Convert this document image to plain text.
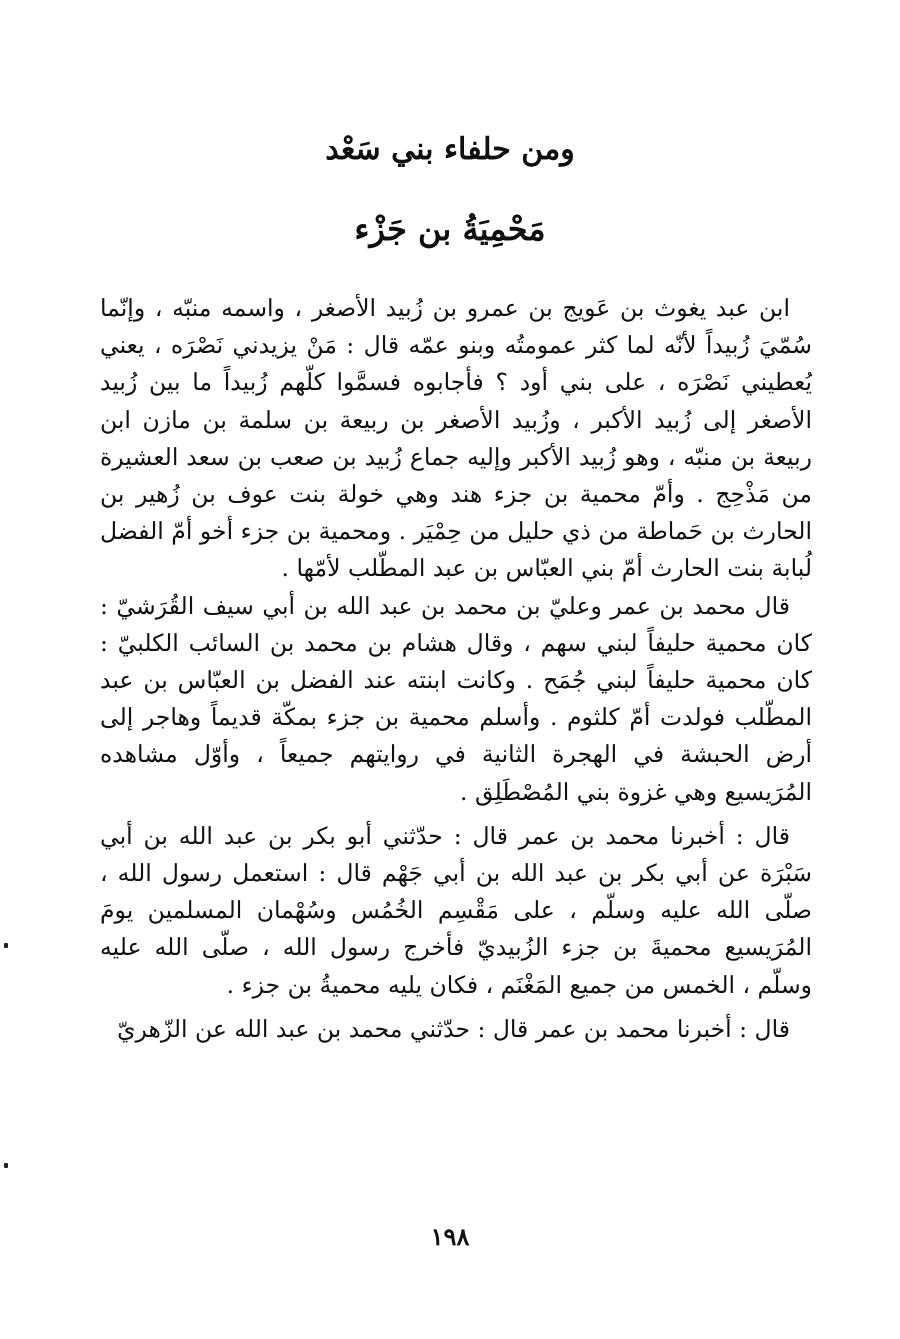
ومن حلفاء بني سَعْد
مَحْمِيَةُ بن جَزْء

ابن عبد يغوث بن عَويج بن عمرو بن زُبيد الأصغر ، واسمه منبّه ، وإنّما سُمّيَ زُبيداً لأنّه لما كثر عمومتُه وبنو عمّه قال : مَنْ يزيدني نَصْرَه ، يعني يُعطيني نَصْرَه ، على بني أود ؟ فأجابوه فسمَّوا كلّهم زُبيداً ما بين زُبيد الأصغر إلى زُبيد الأكبر ، وزُبيد الأصغر بن ربيعة بن سلمة بن مازن ابن ربيعة بن منبّه ، وهو زُبيد الأكبر وإليه جماع زُبيد بن صعب بن سعد العشيرة من مَذْحِج . وأمّ محمية بن جزء هند وهي خولة بنت عوف بن زُهير بن الحارث بن حَماطة من ذي حليل من حِمْيَر . ومحمية بن جزء أخو أمّ الفضل لُبابة بنت الحارث أمّ بني العبّاس بن عبد المطّلب لأمّها .

قال محمد بن عمر وعليّ بن محمد بن عبد الله بن أبي سيف القُرَشيّ : كان محمية حليفاً لبني سهم ، وقال هشام بن محمد بن السائب الكلبيّ : كان محمية حليفاً لبني جُمَح . وكانت ابنته عند الفضل بن العبّاس بن عبد المطّلب فولدت أمّ كلثوم . وأسلم محمية بن جزء بمكّة قديماً وهاجر إلى أرض الحبشة في الهجرة الثانية في روايتهم جميعاً ، وأوّل مشاهده المُرَيسيع وهي غزوة بني المُصْطَلِق .

قال : أخبرنا محمد بن عمر قال : حدّثني أبو بكر بن عبد الله بن أبي سَبْرَة عن أبي بكر بن عبد الله بن أبي جَهْم قال : استعمل رسول الله ، صلّى الله عليه وسلّم ، على مَقْسِم الخُمُس وسُهْمان المسلمين يومَ المُرَيسيع محميةَ بن جزء الزُبيديّ فأخرج رسول الله ، صلّى الله عليه وسلّم ، الخمس من جميع المَغْنَم ، فكان يليه محميةُ بن جزء .

قال : أخبرنا محمد بن عمر قال : حدّثني محمد بن عبد الله عن الزّهريّ

١٩٨
